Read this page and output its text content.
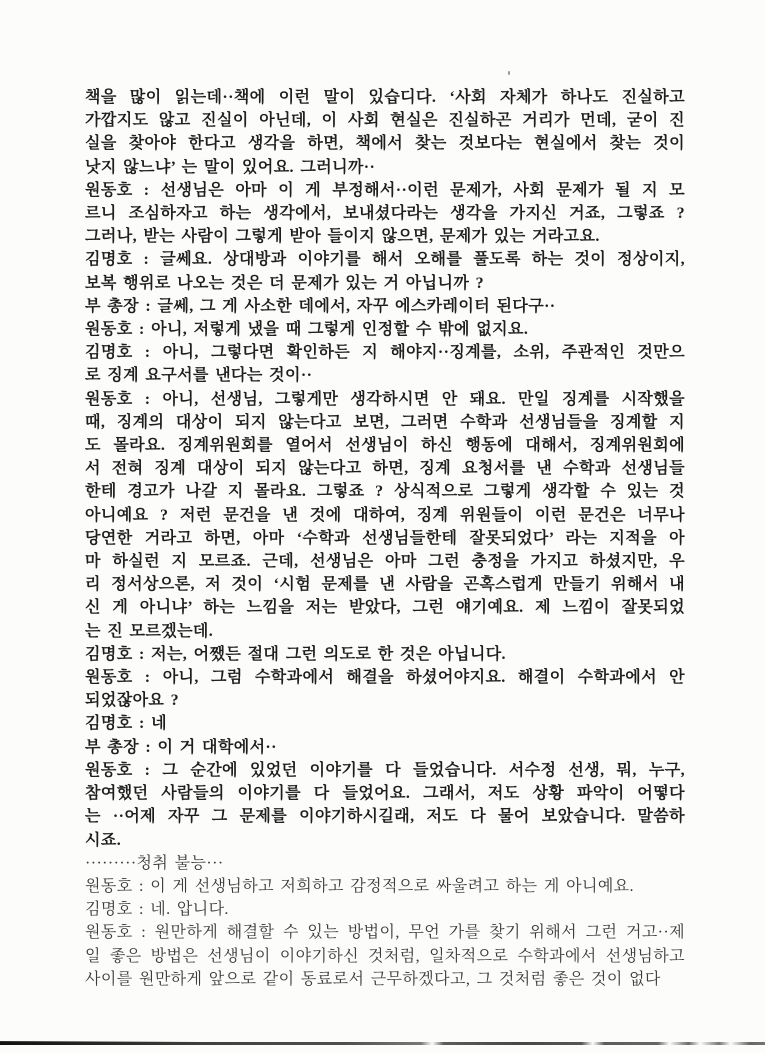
책을 많이 읽는데··책에 이런 말이 있습디다. ‘사회 자체가 하나도 진실하고
가깝지도 않고 진실이 아닌데, 이 사회 현실은 진실하곤 거리가 먼데, 굳이 진
실을 찾아야 한다고 생각을 하면, 책에서 찾는 것보다는 현실에서 찾는 것이
낫지 않느냐’ 는 말이 있어요. 그러니까··
원동호 : 선생님은 아마 이 게 부정해서··이런 문제가, 사회 문제가 될 지 모
르니 조심하자고 하는 생각에서, 보내셨다라는 생각을 가지신 거죠, 그렇죠 ?
그러나, 받는 사람이 그렇게 받아 들이지 않으면, 문제가 있는 거라고요.
김명호 : 글쎄요. 상대방과 이야기를 해서 오해를 풀도록 하는 것이 정상이지,
보복 행위로 나오는 것은 더 문제가 있는 거 아닙니까 ?
부 총장 : 글쎄, 그 게 사소한 데에서, 자꾸 에스카레이터 된다구··
원동호 : 아니, 저렇게 냈을 때 그렇게 인정할 수 밖에 없지요.
김명호 : 아니, 그렇다면 확인하든 지 해야지··징계를, 소위, 주관적인 것만으
로 징계 요구서를 낸다는 것이··
원동호 : 아니, 선생님, 그렇게만 생각하시면 안 돼요. 만일 징계를 시작했을
때, 징계의 대상이 되지 않는다고 보면, 그러면 수학과 선생님들을 징계할 지
도 몰라요. 징계위원회를 열어서 선생님이 하신 행동에 대해서, 징계위원회에
서 전혀 징계 대상이 되지 않는다고 하면, 징계 요청서를 낸 수학과 선생님들
한테 경고가 나갈 지 몰라요. 그렇죠 ? 상식적으로 그렇게 생각할 수 있는 것
아니예요 ? 저런 문건을 낸 것에 대하여, 징계 위원들이 이런 문건은 너무나
당연한 거라고 하면, 아마 ‘수학과 선생님들한테 잘못되었다’ 라는 지적을 아
마 하실런 지 모르죠. 근데, 선생님은 아마 그런 충정을 가지고 하셨지만, 우
리 정서상으론, 저 것이 ‘시험 문제를 낸 사람을 곤혹스럽게 만들기 위해서 내
신 게 아니냐’ 하는 느낌을 저는 받았다, 그런 얘기예요. 제 느낌이 잘못되었
는 진 모르겠는데.
김명호 : 저는, 어쨌든 절대 그런 의도로 한 것은 아닙니다.
원동호 : 아니, 그럼 수학과에서 해결을 하셨어야지요. 해결이 수학과에서 안
되었잖아요 ?
김명호 : 네
부 총장 : 이 거 대학에서··
원동호 : 그 순간에 있었던 이야기를 다 들었습니다. 서수정 선생, 뭐, 누구,
참여했던 사람들의 이야기를 다 들었어요. 그래서, 저도 상황 파악이 어떻다
는 ··어제 자꾸 그 문제를 이야기하시길래, 저도 다 물어 보았습니다. 말씀하
시죠.
·········청취 불능···
원동호 : 이 게 선생님하고 저희하고 감정적으로 싸울려고 하는 게 아니예요.
김명호 : 네. 압니다.
원동호 : 원만하게 해결할 수 있는 방법이, 무언 가를 찾기 위해서 그런 거고··제
일 좋은 방법은 선생님이 이야기하신 것처럼, 일차적으로 수학과에서 선생님하고
사이를 원만하게 앞으로 같이 동료로서 근무하겠다고, 그 것처럼 좋은 것이 없다
